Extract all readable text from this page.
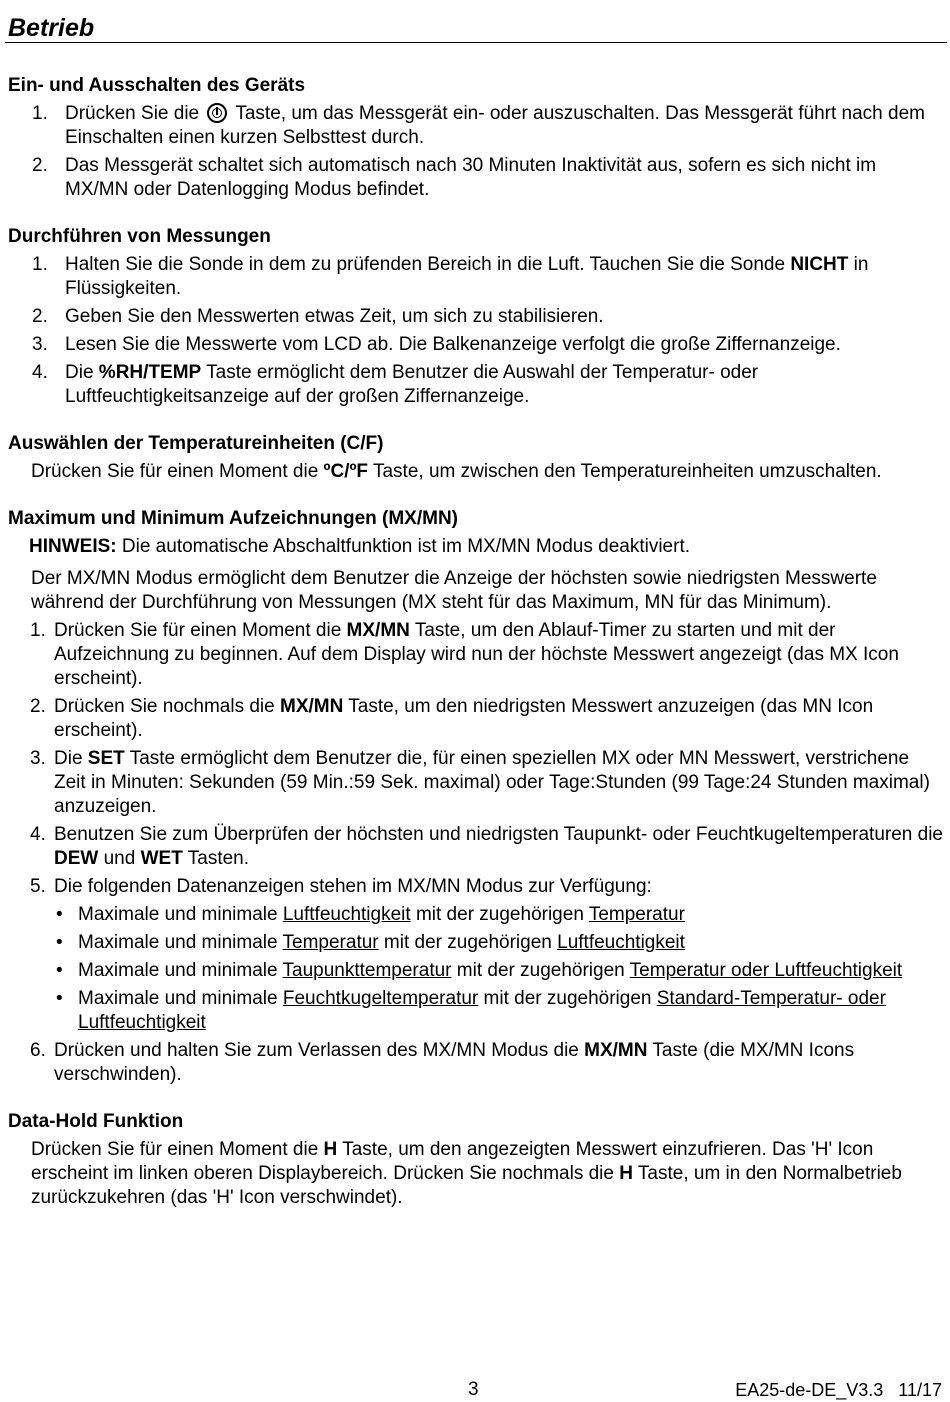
Betrieb
Ein- und Ausschalten des Geräts
1. Drücken Sie die Taste, um das Messgerät ein- oder auszuschalten. Das Messgerät führt nach dem Einschalten einen kurzen Selbsttest durch.
2. Das Messgerät schaltet sich automatisch nach 30 Minuten Inaktivität aus, sofern es sich nicht im MX/MN oder Datenlogging Modus befindet.
Durchführen von Messungen
1. Halten Sie die Sonde in dem zu prüfenden Bereich in die Luft. Tauchen Sie die Sonde NICHT in Flüssigkeiten.
2. Geben Sie den Messwerten etwas Zeit, um sich zu stabilisieren.
3. Lesen Sie die Messwerte vom LCD ab. Die Balkenanzeige verfolgt die große Ziffernanzeige.
4. Die %RH/TEMP Taste ermöglicht dem Benutzer die Auswahl der Temperatur- oder Luftfeuchtigkeitsanzeige auf der großen Ziffernanzeige.
Auswählen der Temperatureinheiten (C/F)
Drücken Sie für einen Moment die ºC/ºF Taste, um zwischen den Temperatureinheiten umzuschalten.
Maximum und Minimum Aufzeichnungen (MX/MN)
HINWEIS: Die automatische Abschaltfunktion ist im MX/MN Modus deaktiviert.
Der MX/MN Modus ermöglicht dem Benutzer die Anzeige der höchsten sowie niedrigsten Messwerte während der Durchführung von Messungen (MX steht für das Maximum, MN für das Minimum).
1. Drücken Sie für einen Moment die MX/MN Taste, um den Ablauf-Timer zu starten und mit der Aufzeichnung zu beginnen. Auf dem Display wird nun der höchste Messwert angezeigt (das MX Icon erscheint).
2. Drücken Sie nochmals die MX/MN Taste, um den niedrigsten Messwert anzuzeigen (das MN Icon erscheint).
3. Die SET Taste ermöglicht dem Benutzer die, für einen speziellen MX oder MN Messwert, verstrichene Zeit in Minuten: Sekunden (59 Min.:59 Sek. maximal) oder Tage:Stunden (99 Tage:24 Stunden maximal) anzuzeigen.
4. Benutzen Sie zum Überprüfen der höchsten und niedrigsten Taupunkt- oder Feuchtkugeltemperaturen die DEW und WET Tasten.
5. Die folgenden Datenanzeigen stehen im MX/MN Modus zur Verfügung:
• Maximale und minimale Luftfeuchtigkeit mit der zugehörigen Temperatur
• Maximale und minimale Temperatur mit der zugehörigen Luftfeuchtigkeit
• Maximale und minimale Taupunkttemperatur mit der zugehörigen Temperatur oder Luftfeuchtigkeit
• Maximale und minimale Feuchtkugeltemperatur mit der zugehörigen Standard-Temperatur- oder Luftfeuchtigkeit
6. Drücken und halten Sie zum Verlassen des MX/MN Modus die MX/MN Taste (die MX/MN Icons verschwinden).
Data-Hold Funktion
Drücken Sie für einen Moment die H Taste, um den angezeigten Messwert einzufrieren. Das 'H' Icon erscheint im linken oberen Displaybereich. Drücken Sie nochmals die H Taste, um in den Normalbetrieb zurückzukehren (das 'H' Icon verschwindet).
3	EA25-de-DE_V3.3   11/17
